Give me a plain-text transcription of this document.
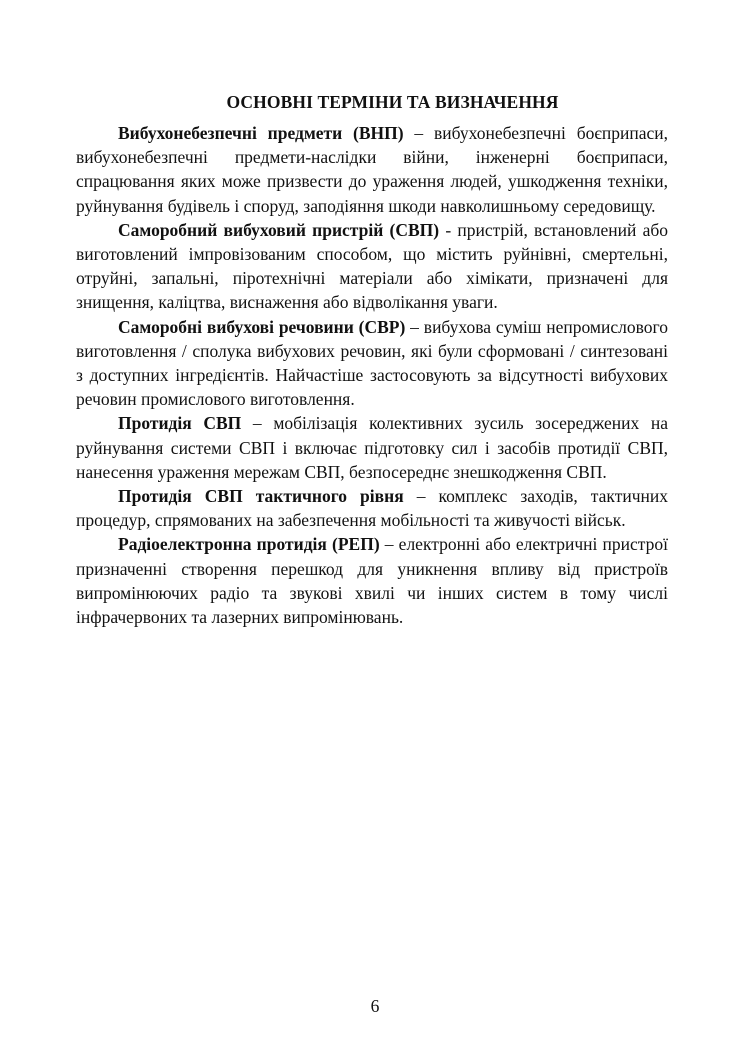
ОСНОВНІ ТЕРМІНИ ТА ВИЗНАЧЕННЯ

Вибухонебезпечні предмети (ВНП) – вибухонебезпечні боєприпаси, вибухонебезпечні предмети-наслідки війни, інженерні боєприпаси, спрацювання яких може призвести до ураження людей, ушкодження техніки, руйнування будівель і споруд, заподіяння шкоди навколишньому середовищу.

Саморобний вибуховий пристрій (СВП) - пристрій, встановлений або виготовлений імпровізованим способом, що містить руйнівні, смертельні, отруйні, запальні, піротехнічні матеріали або хімікати, призначені для знищення, каліцтва, виснаження або відволікання уваги.

Саморобні вибухові речовини (СВР) – вибухова суміш непромислового виготовлення / сполука вибухових речовин, які були сформовані / синтезовані з доступних інгредієнтів. Найчастіше застосовують за відсутності вибухових речовин промислового виготовлення.

Протидія СВП – мобілізація колективних зусиль зосереджених на руйнування системи СВП і включає підготовку сил і засобів протидії СВП, нанесення ураження мережам СВП, безпосереднє знешкодження СВП.

Протидія СВП тактичного рівня – комплекс заходів, тактичних процедур, спрямованих на забезпечення мобільності та живучості військ.

Радіоелектронна протидія (РЕП) – електронні або електричні пристрої призначенні створення перешкод для уникнення впливу від пристроїв випромінюючих радіо та звукові хвилі чи інших систем в тому числі інфрачервоних та лазерних випромінювань.

6
